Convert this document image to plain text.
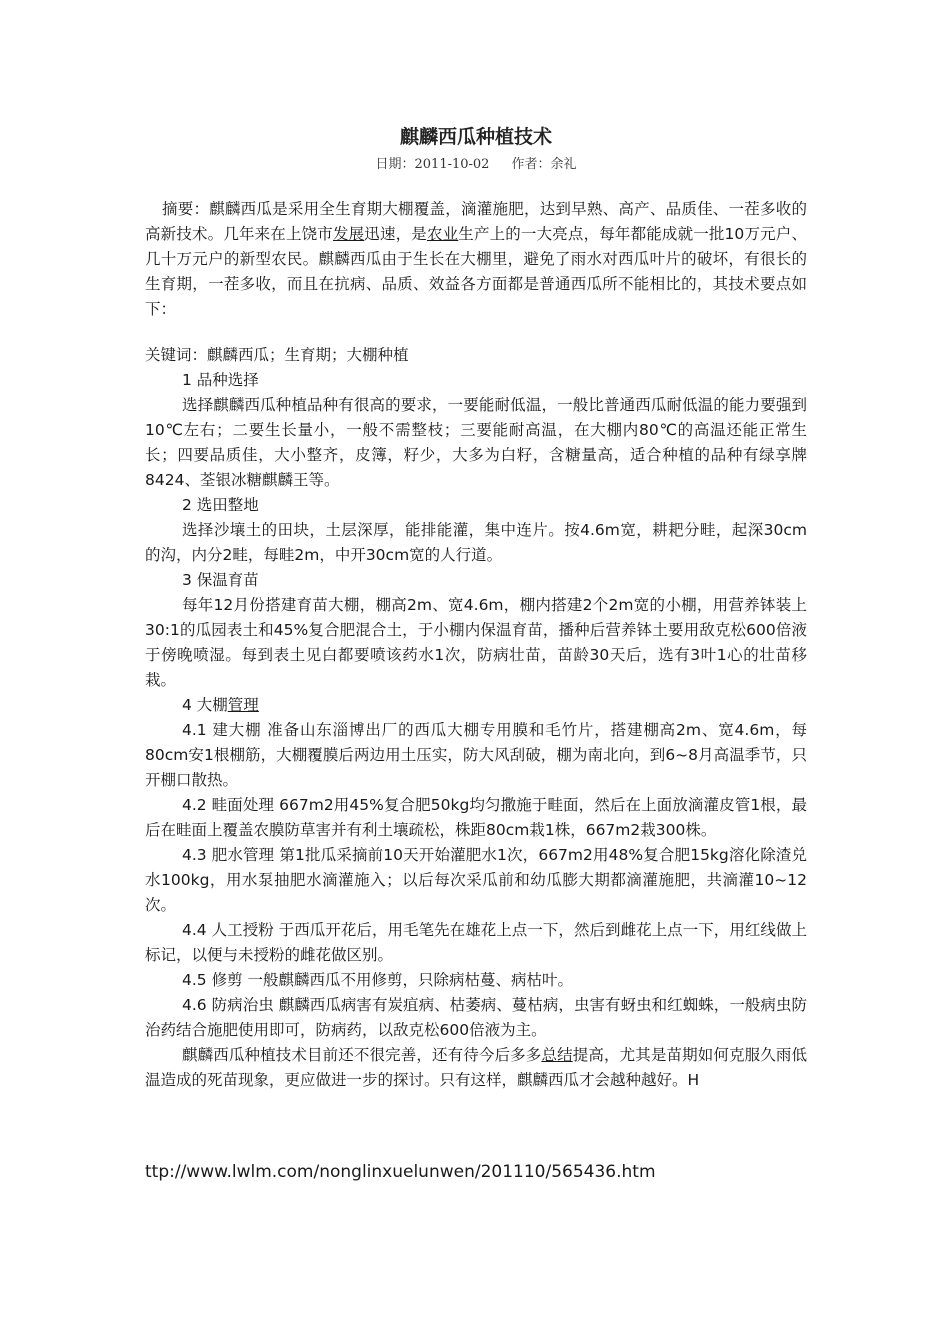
麒麟西瓜种植技术
日期：2011-10-02 作者：余礼

摘要：麒麟西瓜是采用全生育期大棚覆盖，滴灌施肥，达到早熟、高产、品质佳、一茬多收的高新技术。几年来在上饶市发展迅速，是农业生产上的一大亮点，每年都能成就一批10万元户、几十万元户的新型农民。麒麟西瓜由于生长在大棚里，避免了雨水对西瓜叶片的破坏，有很长的生育期，一茬多收，而且在抗病、品质、效益各方面都是普通西瓜所不能相比的，其技术要点如下：

关键词：麒麟西瓜；生育期；大棚种植

1 品种选择

选择麒麟西瓜种植品种有很高的要求，一要能耐低温，一般比普通西瓜耐低温的能力要强到10℃左右；二要生长量小，一般不需整枝；三要能耐高温，在大棚内80℃的高温还能正常生长；四要品质佳，大小整齐，皮簿，籽少，大多为白籽，含糖量高，适合种植的品种有绿享牌8424、荃银冰糖麒麟王等。

2 选田整地

选择沙壤土的田块，土层深厚，能排能灌，集中连片。按4.6m宽，耕耙分畦，起深30cm的沟，内分2畦，每畦2m，中开30cm宽的人行道。

3 保温育苗

每年12月份搭建育苗大棚，棚高2m、宽4.6m，棚内搭建2个2m宽的小棚，用营养钵装上30:1的瓜园表土和45%复合肥混合土，于小棚内保温育苗，播种后营养钵土要用敌克松600倍液于傍晚喷湿。每到表土见白都要喷该药水1次，防病壮苗，苗龄30天后，选有3叶1心的壮苗移栽。

4 大棚管理

4.1 建大棚 准备山东淄博出厂的西瓜大棚专用膜和毛竹片，搭建棚高2m、宽4.6m，每80cm安1根棚筋，大棚覆膜后两边用土压实，防大风刮破，棚为南北向，到6~8月高温季节，只开棚口散热。

4.2 畦面处理 667m2用45%复合肥50kg均匀撒施于畦面，然后在上面放滴灌皮管1根，最后在畦面上覆盖农膜防草害并有利土壤疏松，株距80cm栽1株，667m2栽300株。

4.3 肥水管理 第1批瓜采摘前10天开始灌肥水1次，667m2用48%复合肥15kg溶化除渣兑水100kg，用水泵抽肥水滴灌施入；以后每次采瓜前和幼瓜膨大期都滴灌施肥，共滴灌10~12次。

4.4 人工授粉 于西瓜开花后，用毛笔先在雄花上点一下，然后到雌花上点一下，用红线做上标记，以便与未授粉的雌花做区别。

4.5 修剪 一般麒麟西瓜不用修剪，只除病枯蔓、病枯叶。

4.6 防病治虫 麒麟西瓜病害有炭疽病、枯萎病、蔓枯病，虫害有蚜虫和红蜘蛛，一般病虫防治药结合施肥使用即可，防病药，以敌克松600倍液为主。

麒麟西瓜种植技术目前还不很完善，还有待今后多多总结提高，尤其是苗期如何克服久雨低温造成的死苗现象，更应做进一步的探讨。只有这样，麒麟西瓜才会越种越好。H

ttp://www.lwlm.com/nonglinxuelunwen/201110/565436.htm
